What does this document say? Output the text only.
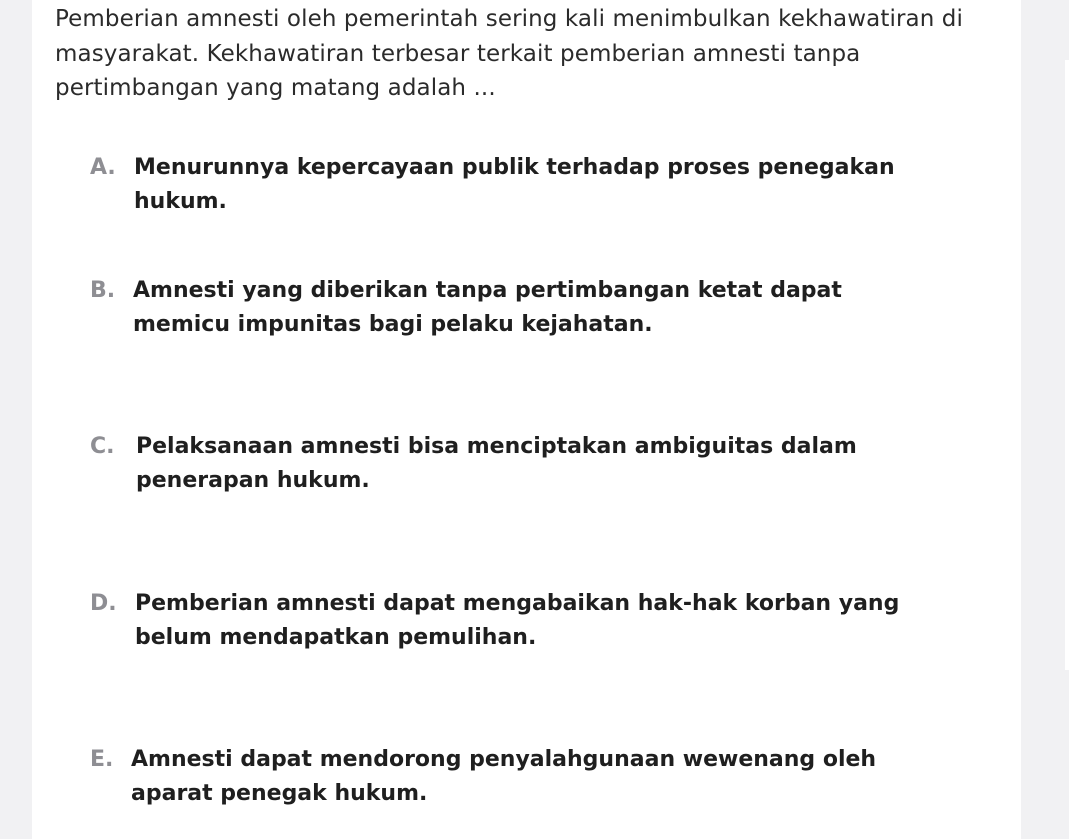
Pemberian amnesti oleh pemerintah sering kali menimbulkan kekhawatiran di masyarakat. Kekhawatiran terbesar terkait pemberian amnesti tanpa pertimbangan yang matang adalah ...

A. Menurunnya kepercayaan publik terhadap proses penegakan hukum.
B. Amnesti yang diberikan tanpa pertimbangan ketat dapat memicu impunitas bagi pelaku kejahatan.
C. Pelaksanaan amnesti bisa menciptakan ambiguitas dalam penerapan hukum.
D. Pemberian amnesti dapat mengabaikan hak-hak korban yang belum mendapatkan pemulihan.
E. Amnesti dapat mendorong penyalahgunaan wewenang oleh aparat penegak hukum.
